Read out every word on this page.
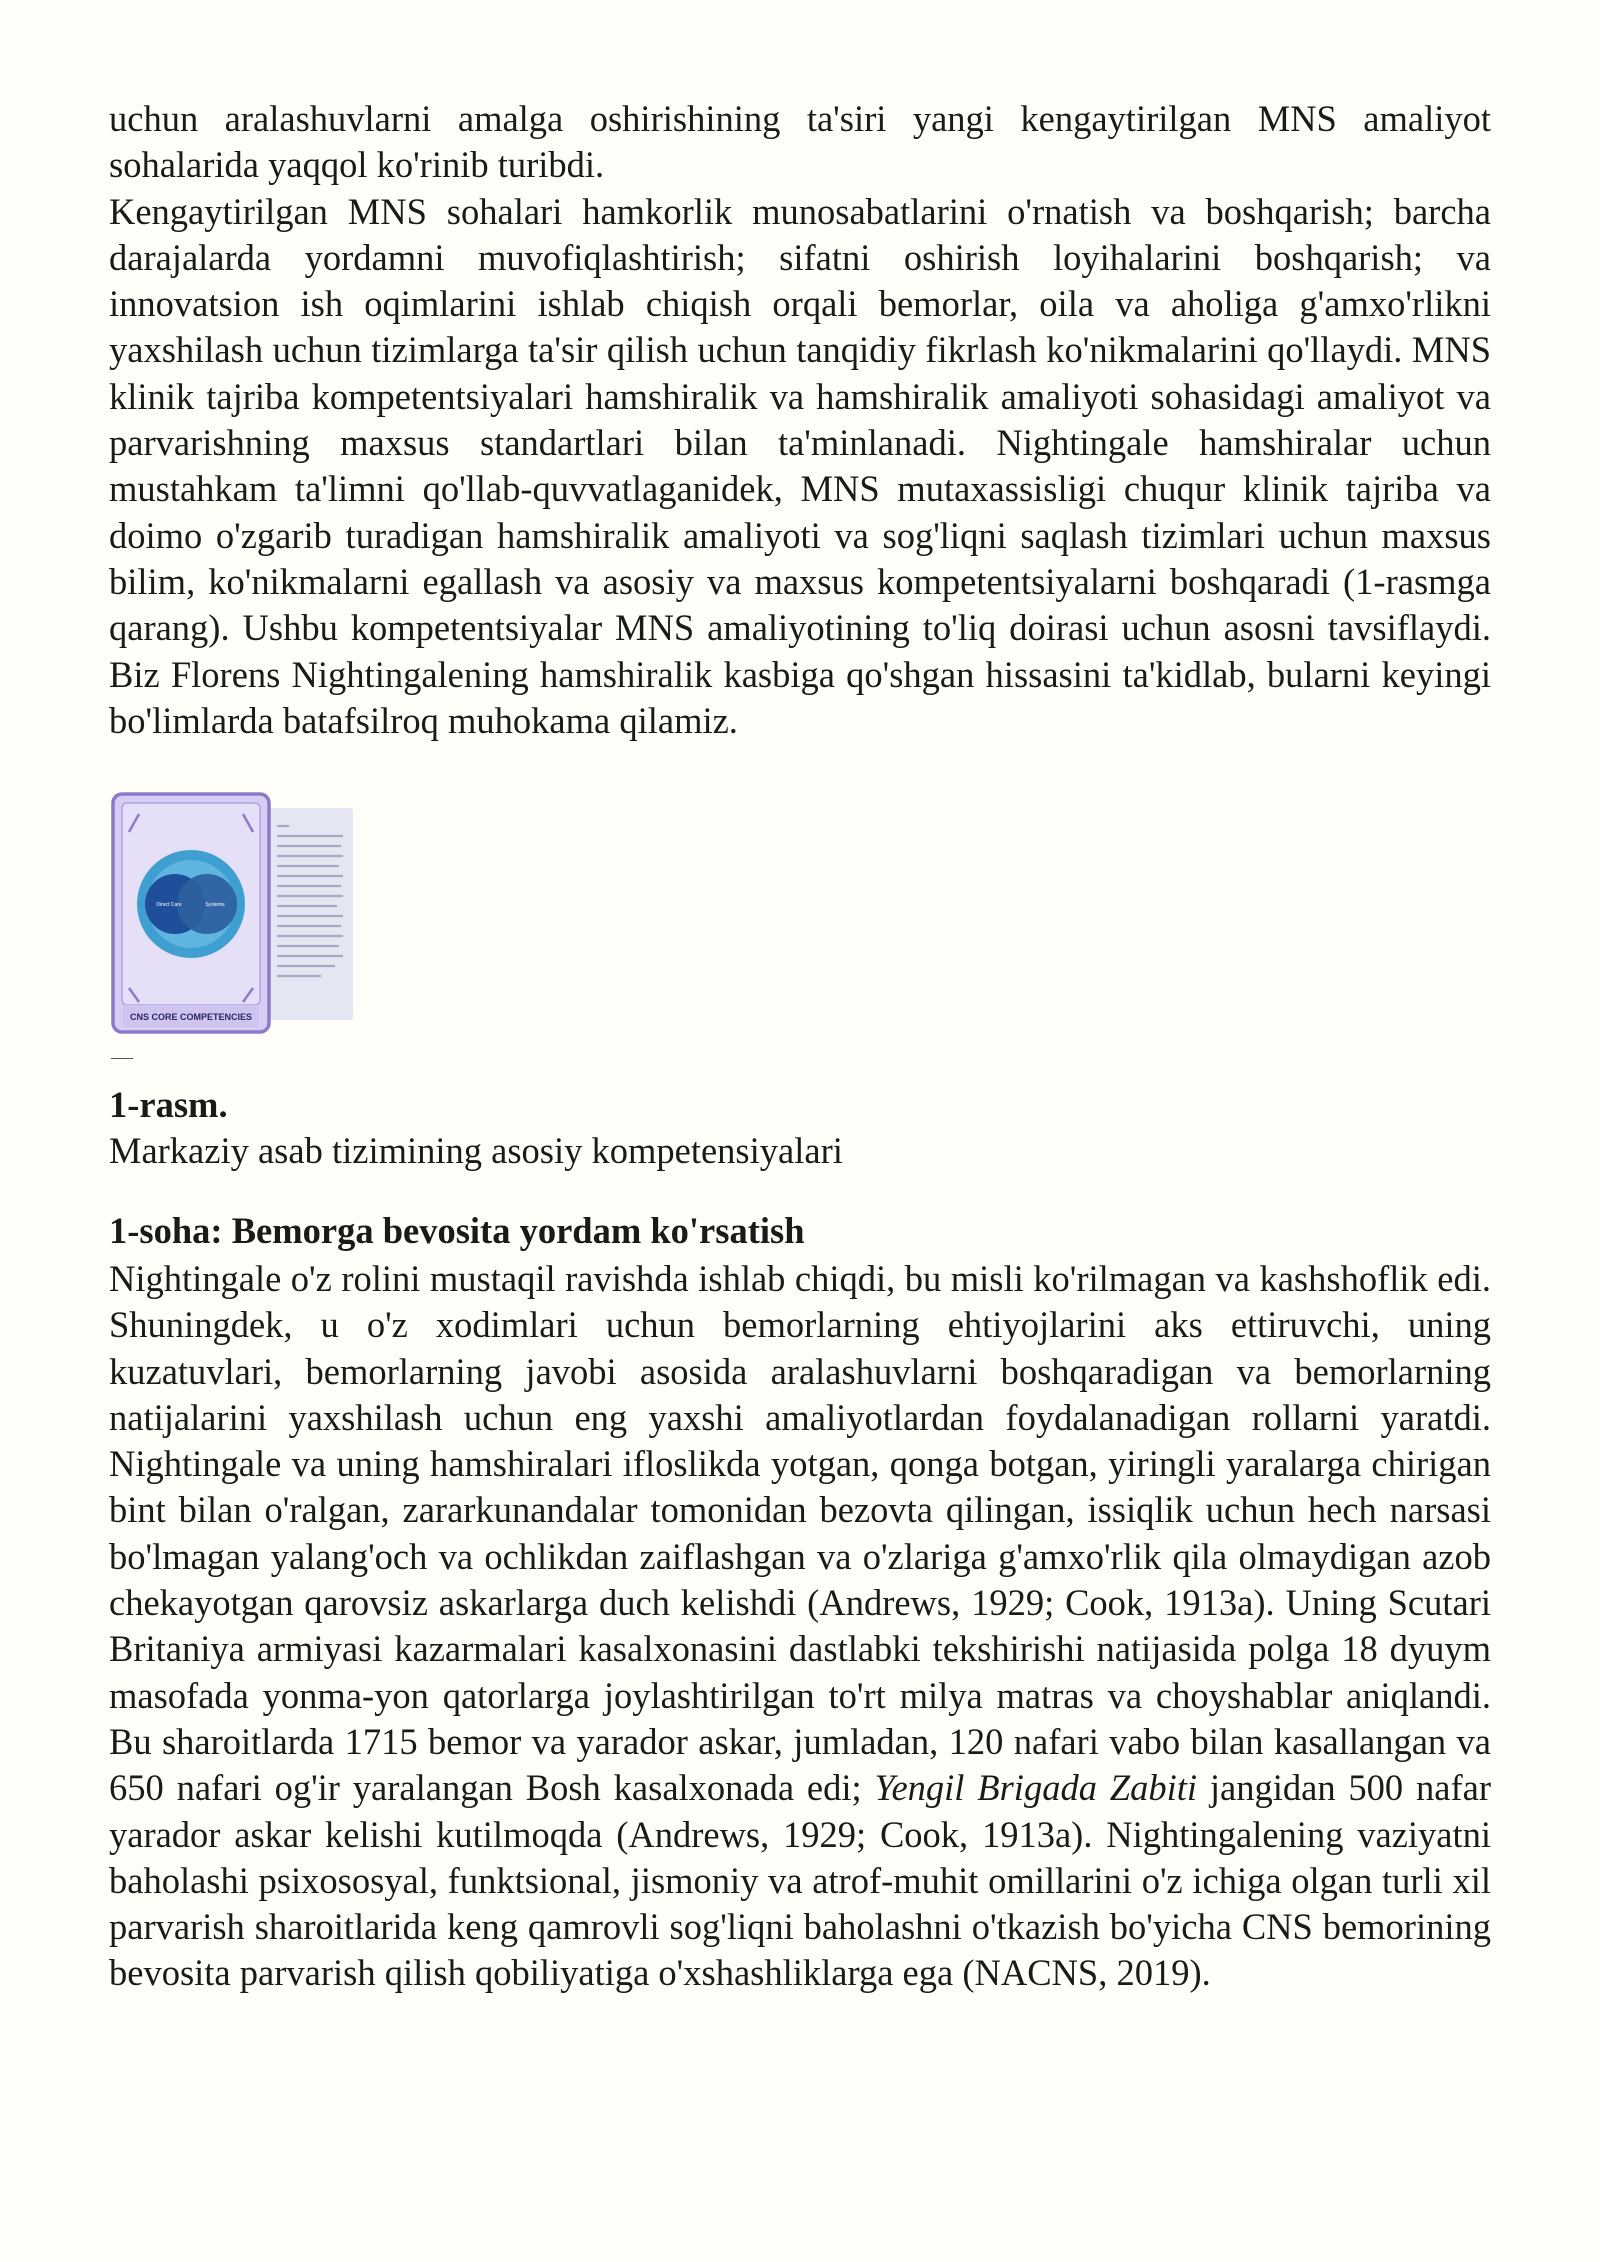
uchun aralashuvlarni amalga oshirishining ta'siri yangi kengaytirilgan MNS amaliyot sohalarida yaqqol ko'rinib turibdi.

Kengaytirilgan MNS sohalari hamkorlik munosabatlarini o'rnatish va boshqarish; barcha darajalarda yordamni muvofiqlashtirish; sifatni oshirish loyihalarini boshqarish; va innovatsion ish oqimlarini ishlab chiqish orqali bemorlar, oila va aholiga g'amxo'rlikni yaxshilash uchun tizimlarga ta'sir qilish uchun tanqidiy fikrlash ko'nikmalarini qo'llaydi. MNS klinik tajriba kompetentsiyalari hamshiralik va hamshiralik amaliyoti sohasidagi amaliyot va parvarishning maxsus standartlari bilan ta'minlanadi. Nightingale hamshiralar uchun mustahkam ta'limni qo'llab-quvvatlaganidek, MNS mutaxassisligi chuqur klinik tajriba va doimo o'zgarib turadigan hamshiralik amaliyoti va sog'liqni saqlash tizimlari uchun maxsus bilim, ko'nikmalarni egallash va asosiy va maxsus kompetentsiyalarni boshqaradi (1-rasmga qarang). Ushbu kompetentsiyalar MNS amaliyotining to'liq doirasi uchun asosni tavsiflaydi. Biz Florens Nightingalening hamshiralik kasbiga qo'shgan hissasini ta'kidlab, bularni keyingi bo'limlarda batafsilroq muhokama qilamiz.

Direct Care	Systems
CNS CORE COMPETENCIES
1-rasm.
Markaziy asab tizimining asosiy kompetensiyalari
1-soha: Bemorga bevosita yordam ko'rsatish

Nightingale o'z rolini mustaqil ravishda ishlab chiqdi, bu misli ko'rilmagan va kashshoflik edi. Shuningdek, u o'z xodimlari uchun bemorlarning ehtiyojlarini aks ettiruvchi, uning kuzatuvlari, bemorlarning javobi asosida aralashuvlarni boshqaradigan va bemorlarning natijalarini yaxshilash uchun eng yaxshi amaliyotlardan foydalanadigan rollarni yaratdi. Nightingale va uning hamshiralari ifloslikda yotgan, qonga botgan, yiringli yaralarga chirigan bint bilan o'ralgan, zararkunandalar tomonidan bezovta qilingan, issiqlik uchun hech narsasi bo'lmagan yalang'och va ochlikdan zaiflashgan va o'zlariga g'amxo'rlik qila olmaydigan azob chekayotgan qarovsiz askarlarga duch kelishdi (Andrews, 1929; Cook, 1913a). Uning Scutari Britaniya armiyasi kazarmalari kasalxonasini dastlabki tekshirishi natijasida polga 18 dyuym masofada yonma-yon qatorlarga joylashtirilgan to'rt milya matras va choyshablar aniqlandi. Bu sharoitlarda 1715 bemor va yarador askar, jumladan, 120 nafari vabo bilan kasallangan va 650 nafari og'ir yaralangan Bosh kasalxonada edi; Yengil Brigada Zabiti jangidan 500 nafar yarador askar kelishi kutilmoqda (Andrews, 1929; Cook, 1913a). Nightingalening vaziyatni baholashi psixososyal, funktsional, jismoniy va atrof-muhit omillarini o'z ichiga olgan turli xil parvarish sharoitlarida keng qamrovli sog'liqni baholashni o'tkazish bo'yicha CNS bemorining bevosita parvarish qilish qobiliyatiga o'xshashliklarga ega (NACNS, 2019).
